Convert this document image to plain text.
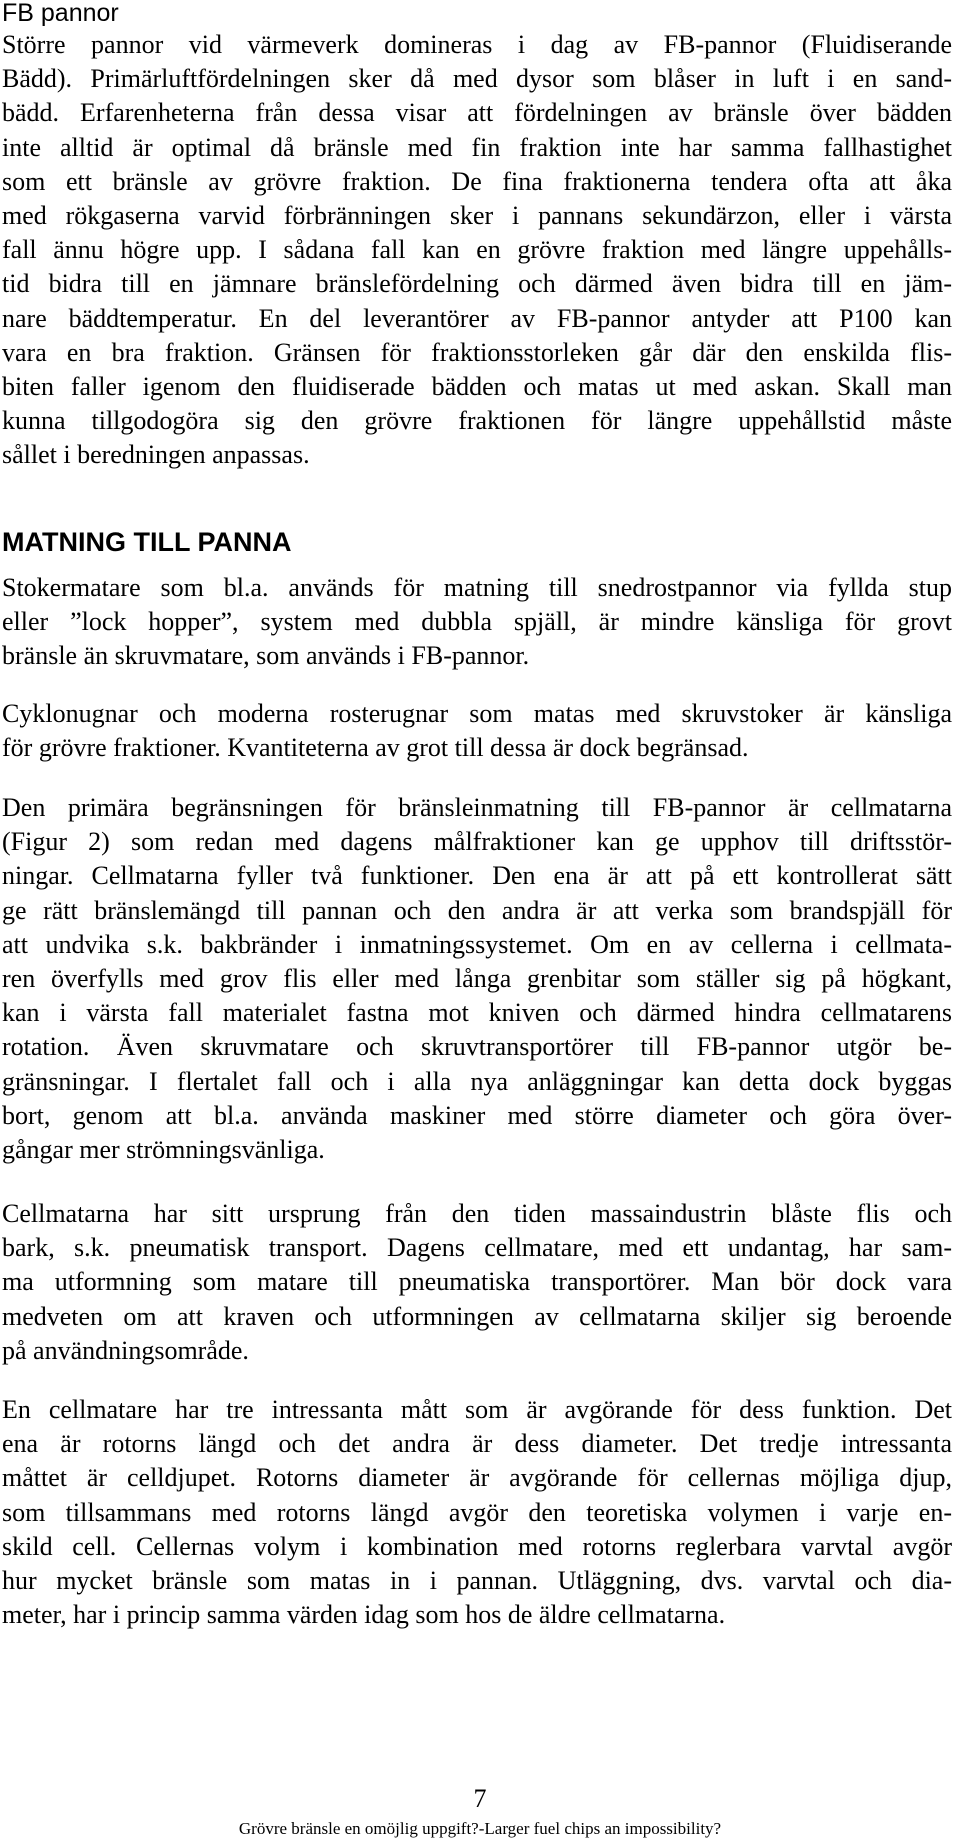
FB pannor

Större pannor vid värmeverk domineras i dag av FB-pannor (Fluidiserande
Bädd). Primärluftfördelningen sker då med dysor som blåser in luft i en sand-
bädd. Erfarenheterna från dessa visar att fördelningen av bränsle över bädden
inte alltid är optimal då bränsle med fin fraktion inte har samma fallhastighet
som ett bränsle av grövre fraktion. De fina fraktionerna tendera ofta att åka
med rökgaserna varvid förbränningen sker i pannans sekundärzon, eller i värsta
fall ännu högre upp. I sådana fall kan en grövre fraktion med längre uppehålls-
tid bidra till en jämnare bränslefördelning och därmed även bidra till en jäm-
nare bäddtemperatur. En del leverantörer av FB-pannor antyder att P100 kan
vara en bra fraktion. Gränsen för fraktionsstorleken går där den enskilda flis-
biten faller igenom den fluidiserade bädden och matas ut med askan. Skall man
kunna tillgodogöra sig den grövre fraktionen för längre uppehållstid måste
sållet i beredningen anpassas.

MATNING TILL PANNA

Stokermatare som bl.a. används för matning till snedrostpannor via fyllda stup
eller ”lock hopper”, system med dubbla spjäll, är mindre känsliga för grovt
bränsle än skruvmatare, som används i FB-pannor.

Cyklonugnar och moderna rosterugnar som matas med skruvstoker är känsliga
för grövre fraktioner. Kvantiteterna av grot till dessa är dock begränsad.

Den primära begränsningen för bränsleinmatning till FB-pannor är cellmatarna
(Figur 2) som redan med dagens målfraktioner kan ge upphov till driftsstör-
ningar. Cellmatarna fyller två funktioner. Den ena är att på ett kontrollerat sätt
ge rätt bränslemängd till pannan och den andra är att verka som brandspjäll för
att undvika s.k. bakbränder i inmatningssystemet. Om en av cellerna i cellmata-
ren överfylls med grov flis eller med långa grenbitar som ställer sig på högkant,
kan i värsta fall materialet fastna mot kniven och därmed hindra cellmatarens
rotation. Även skruvmatare och skruvtransportörer till FB-pannor utgör be-
gränsningar. I flertalet fall och i alla nya anläggningar kan detta dock byggas
bort, genom att bl.a. använda maskiner med större diameter och göra över-
gångar mer strömningsvänliga.

Cellmatarna har sitt ursprung från den tiden massaindustrin blåste flis och
bark, s.k. pneumatisk transport. Dagens cellmatare, med ett undantag, har sam-
ma utformning som matare till pneumatiska transportörer. Man bör dock vara
medveten om att kraven och utformningen av cellmatarna skiljer sig beroende
på användningsområde.

En cellmatare har tre intressanta mått som är avgörande för dess funktion. Det
ena är rotorns längd och det andra är dess diameter. Det tredje intressanta
måttet är celldjupet. Rotorns diameter är avgörande för cellernas möjliga djup,
som tillsammans med rotorns längd avgör den teoretiska volymen i varje en-
skild cell. Cellernas volym i kombination med rotorns reglerbara varvtal avgör
hur mycket bränsle som matas in i pannan. Utläggning, dvs. varvtal och dia-
meter, har i princip samma värden idag som hos de äldre cellmatarna.

7

Grövre bränsle en omöjlig uppgift?-Larger fuel chips an impossibility?
